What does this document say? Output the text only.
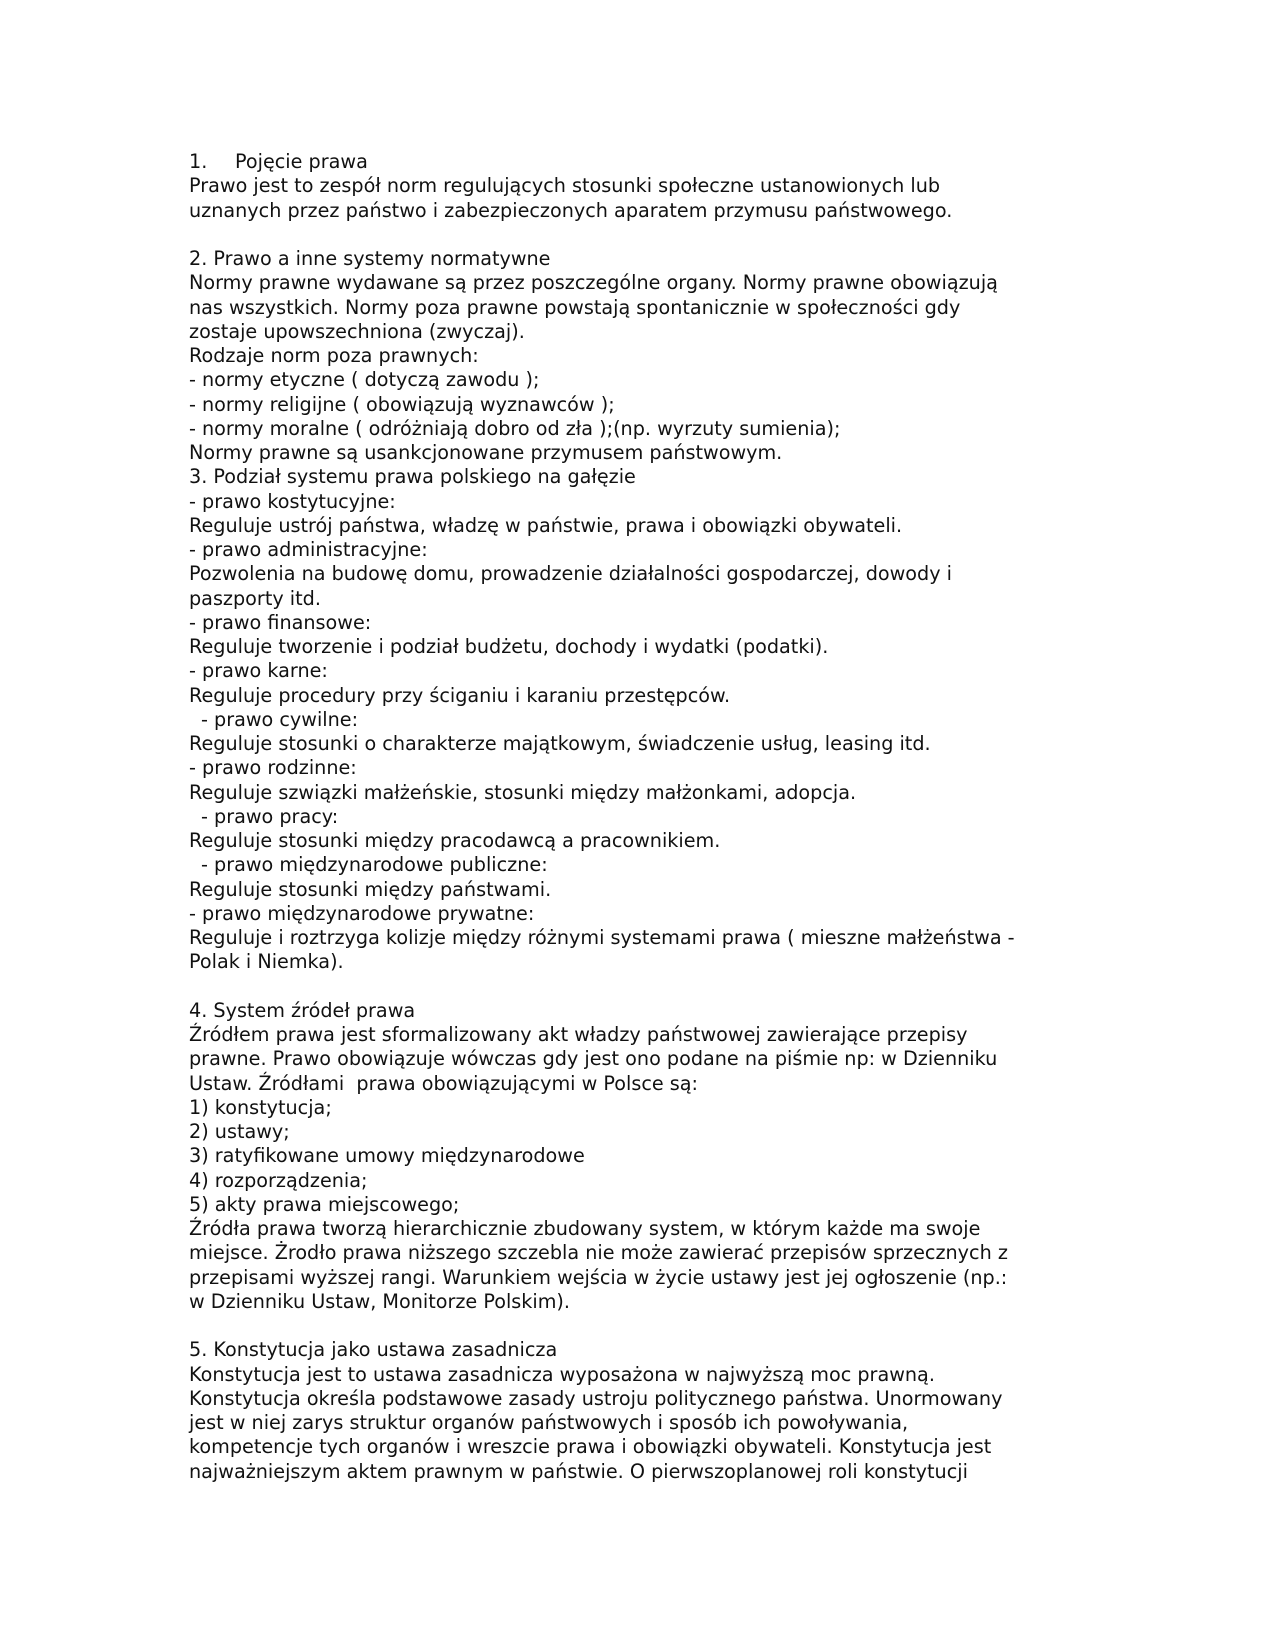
1. Pojęcie prawa
Prawo jest to zespół norm regulujących stosunki społeczne ustanowionych lub
uznanych przez państwo i zabezpieczonych aparatem przymusu państwowego.
2. Prawo a inne systemy normatywne
Normy prawne wydawane są przez poszczególne organy. Normy prawne obowiązują
nas wszystkich. Normy poza prawne powstają spontanicznie w społeczności gdy
zostaje upowszechniona (zwyczaj).
Rodzaje norm poza prawnych:
- normy etyczne ( dotyczą zawodu );
- normy religijne ( obowiązują wyznawców );
- normy moralne ( odróżniają dobro od zła );(np. wyrzuty sumienia);
Normy prawne są usankcjonowane przymusem państwowym.
3. Podział systemu prawa polskiego na gałęzie
- prawo kostytucyjne:
Reguluje ustrój państwa, władzę w państwie, prawa i obowiązki obywateli.
- prawo administracyjne:
Pozwolenia na budowę domu, prowadzenie działalności gospodarczej, dowody i
paszporty itd.
- prawo finansowe:
Reguluje tworzenie i podział budżetu, dochody i wydatki (podatki).
- prawo karne:
Reguluje procedury przy ściganiu i karaniu przestępców.
- prawo cywilne:
Reguluje stosunki o charakterze majątkowym, świadczenie usług, leasing itd.
- prawo rodzinne:
Reguluje szwiązki małżeńskie, stosunki między małżonkami, adopcja.
- prawo pracy:
Reguluje stosunki między pracodawcą a pracownikiem.
- prawo międzynarodowe publiczne:
Reguluje stosunki między państwami.
- prawo międzynarodowe prywatne:
Reguluje i roztrzyga kolizje między różnymi systemami prawa ( mieszne małżeństwa -
Polak i Niemka).
4. System źródeł prawa
Źródłem prawa jest sformalizowany akt władzy państwowej zawierające przepisy
prawne. Prawo obowiązuje wówczas gdy jest ono podane na piśmie np: w Dzienniku
Ustaw. Źródłami  prawa obowiązującymi w Polsce są:
1) konstytucja;
2) ustawy;
3) ratyfikowane umowy międzynarodowe
4) rozporządzenia;
5) akty prawa miejscowego;
Źródła prawa tworzą hierarchicznie zbudowany system, w którym każde ma swoje
miejsce. Żrodło prawa niższego szczebla nie może zawierać przepisów sprzecznych z
przepisami wyższej rangi. Warunkiem wejścia w życie ustawy jest jej ogłoszenie (np.:
w Dzienniku Ustaw, Monitorze Polskim).
5. Konstytucja jako ustawa zasadnicza
Konstytucja jest to ustawa zasadnicza wyposażona w najwyższą moc prawną.
Konstytucja określa podstawowe zasady ustroju politycznego państwa. Unormowany
jest w niej zarys struktur organów państwowych i sposób ich powoływania,
kompetencje tych organów i wreszcie prawa i obowiązki obywateli. Konstytucja jest
najważniejszym aktem prawnym w państwie. O pierwszoplanowej roli konstytucji
